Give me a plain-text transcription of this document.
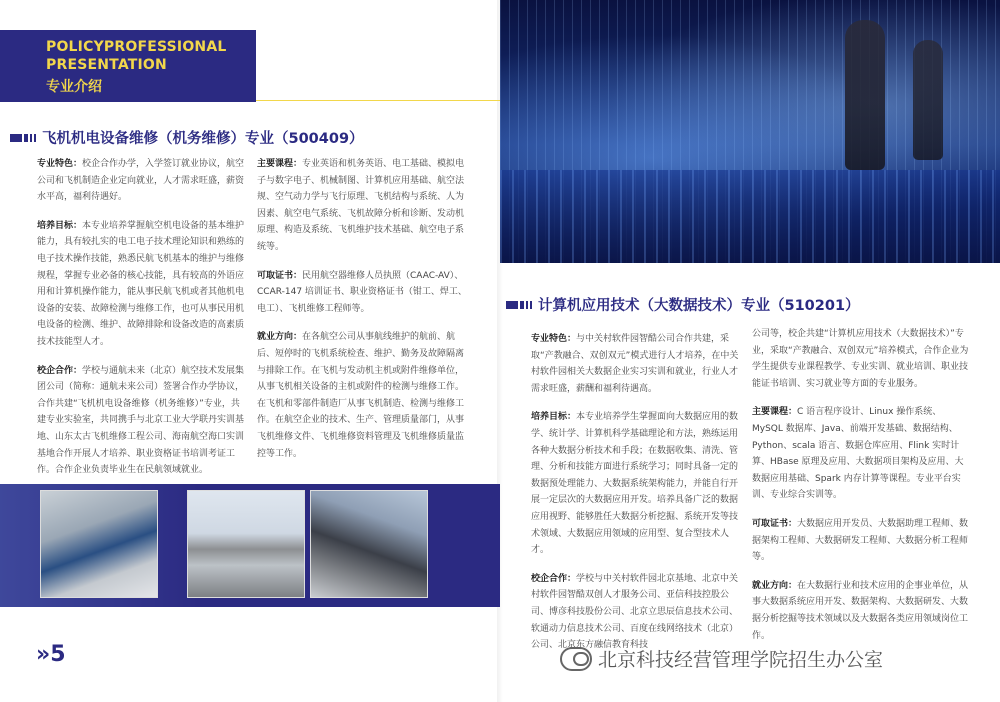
POLICYPROFESSIONAL
PRESENTATION
专业介绍
飞机机电设备维修（机务维修）专业（500409）

专业特色：校企合作办学，入学签订就业协议，航空公司和飞机制造企业定向就业，人才需求旺盛，薪资水平高，福利待遇好。

培养目标：本专业培养掌握航空机电设备的基本维护能力，具有较扎实的电工电子技术理论知识和熟练的电子技术操作技能，熟悉民航飞机基本的维护与维修规程，掌握专业必备的核心技能，具有较高的外语应用和计算机操作能力，能从事民航飞机或者其他机电设备的安装、故障检测与维修工作，也可从事民用机电设备的检测、维护、故障排除和设备改造的高素质技术技能型人才。

校企合作：学校与通航未来（北京）航空技术发展集团公司（简称：通航未来公司）签署合作办学协议，合作共建“飞机机电设备维修（机务维修）”专业，共建专业实验室，共同携手与北京工业大学联丹实训基地、山东太古飞机维修工程公司、海南航空海口实训基地合作开展人才培养、职业资格证书培训考证工作。合作企业负责毕业生在民航领域就业。

主要课程：专业英语和机务英语、电工基础、模拟电子与数字电子、机械制图、计算机应用基础、航空法规、空气动力学与飞行原理、飞机结构与系统、人为因素、航空电气系统、飞机故障分析和诊断、发动机原理、构造及系统、飞机维护技术基础、航空电子系统等。

可取证书：民用航空器维修人员执照（CAAC-AV）、CCAR-147 培训证书、职业资格证书（钳工、焊工、电工）、飞机维修工程师等。

就业方向：在各航空公司从事航线维护的航前、航后、短停时的飞机系统检查、维护、勤务及故障隔离与排除工作。在飞机与发动机主机或附件维修单位，从事飞机相关设备的主机或附件的检测与维修工作。在飞机和零部件制造厂从事飞机制造、检测与维修工作。在航空企业的技术、生产、管理质量部门，从事飞机维修文件、飞机维修资料管理及飞机维修质量监控等工作。

»5
计算机应用技术（大数据技术）专业（510201）

专业特色：与中关村软件园智酷公司合作共建，采取“产教融合、双创双元”模式进行人才培养，在中关村软件园相关大数据企业实习实训和就业，行业人才需求旺盛，薪酬和福利待遇高。

培养目标：本专业培养学生掌握面向大数据应用的数学、统计学、计算机科学基础理论和方法，熟练运用各种大数据分析技术和手段；在数据收集、清洗、管理、分析和技能方面进行系统学习；同时具备一定的数据预处理能力、大数据系统架构能力，并能自行开展一定层次的大数据应用开发。培养具备广泛的数据应用视野、能够胜任大数据分析挖掘、系统开发等技术领域、大数据应用领域的应用型、复合型技术人才。

校企合作：学校与中关村软件园北京基地、北京中关村软件园智酷双创人才服务公司、亚信科技控股公司、博彦科技股份公司、北京立思辰信息技术公司、软通动力信息技术公司、百度在线网络技术（北京）公司、北京东方融信教育科技

公司等，校企共建“计算机应用技术（大数据技术）”专业，采取“产教融合、双创双元”培养模式，合作企业为学生提供专业课程教学、专业实训、就业培训、职业技能证书培训、实习就业等方面的专业服务。

主要课程：C 语言程序设计、Linux 操作系统、MySQL 数据库、Java、前端开发基础、数据结构、Python、scala 语言、数据仓库应用、Flink 实时计算、HBase 原理及应用、大数据项目架构及应用、大数据应用基础、Spark 内存计算等课程。专业平台实训、专业综合实训等。

可取证书：大数据应用开发员、大数据助理工程师、数据架构工程师、大数据研发工程师、大数据分析工程师等。

就业方向：在大数据行业和技术应用的企事业单位，从事大数据系统应用开发、数据架构、大数据研发、大数据分析挖掘等技术领域以及大数据各类应用领域岗位工作。

北京科技经营管理学院招生办公室
